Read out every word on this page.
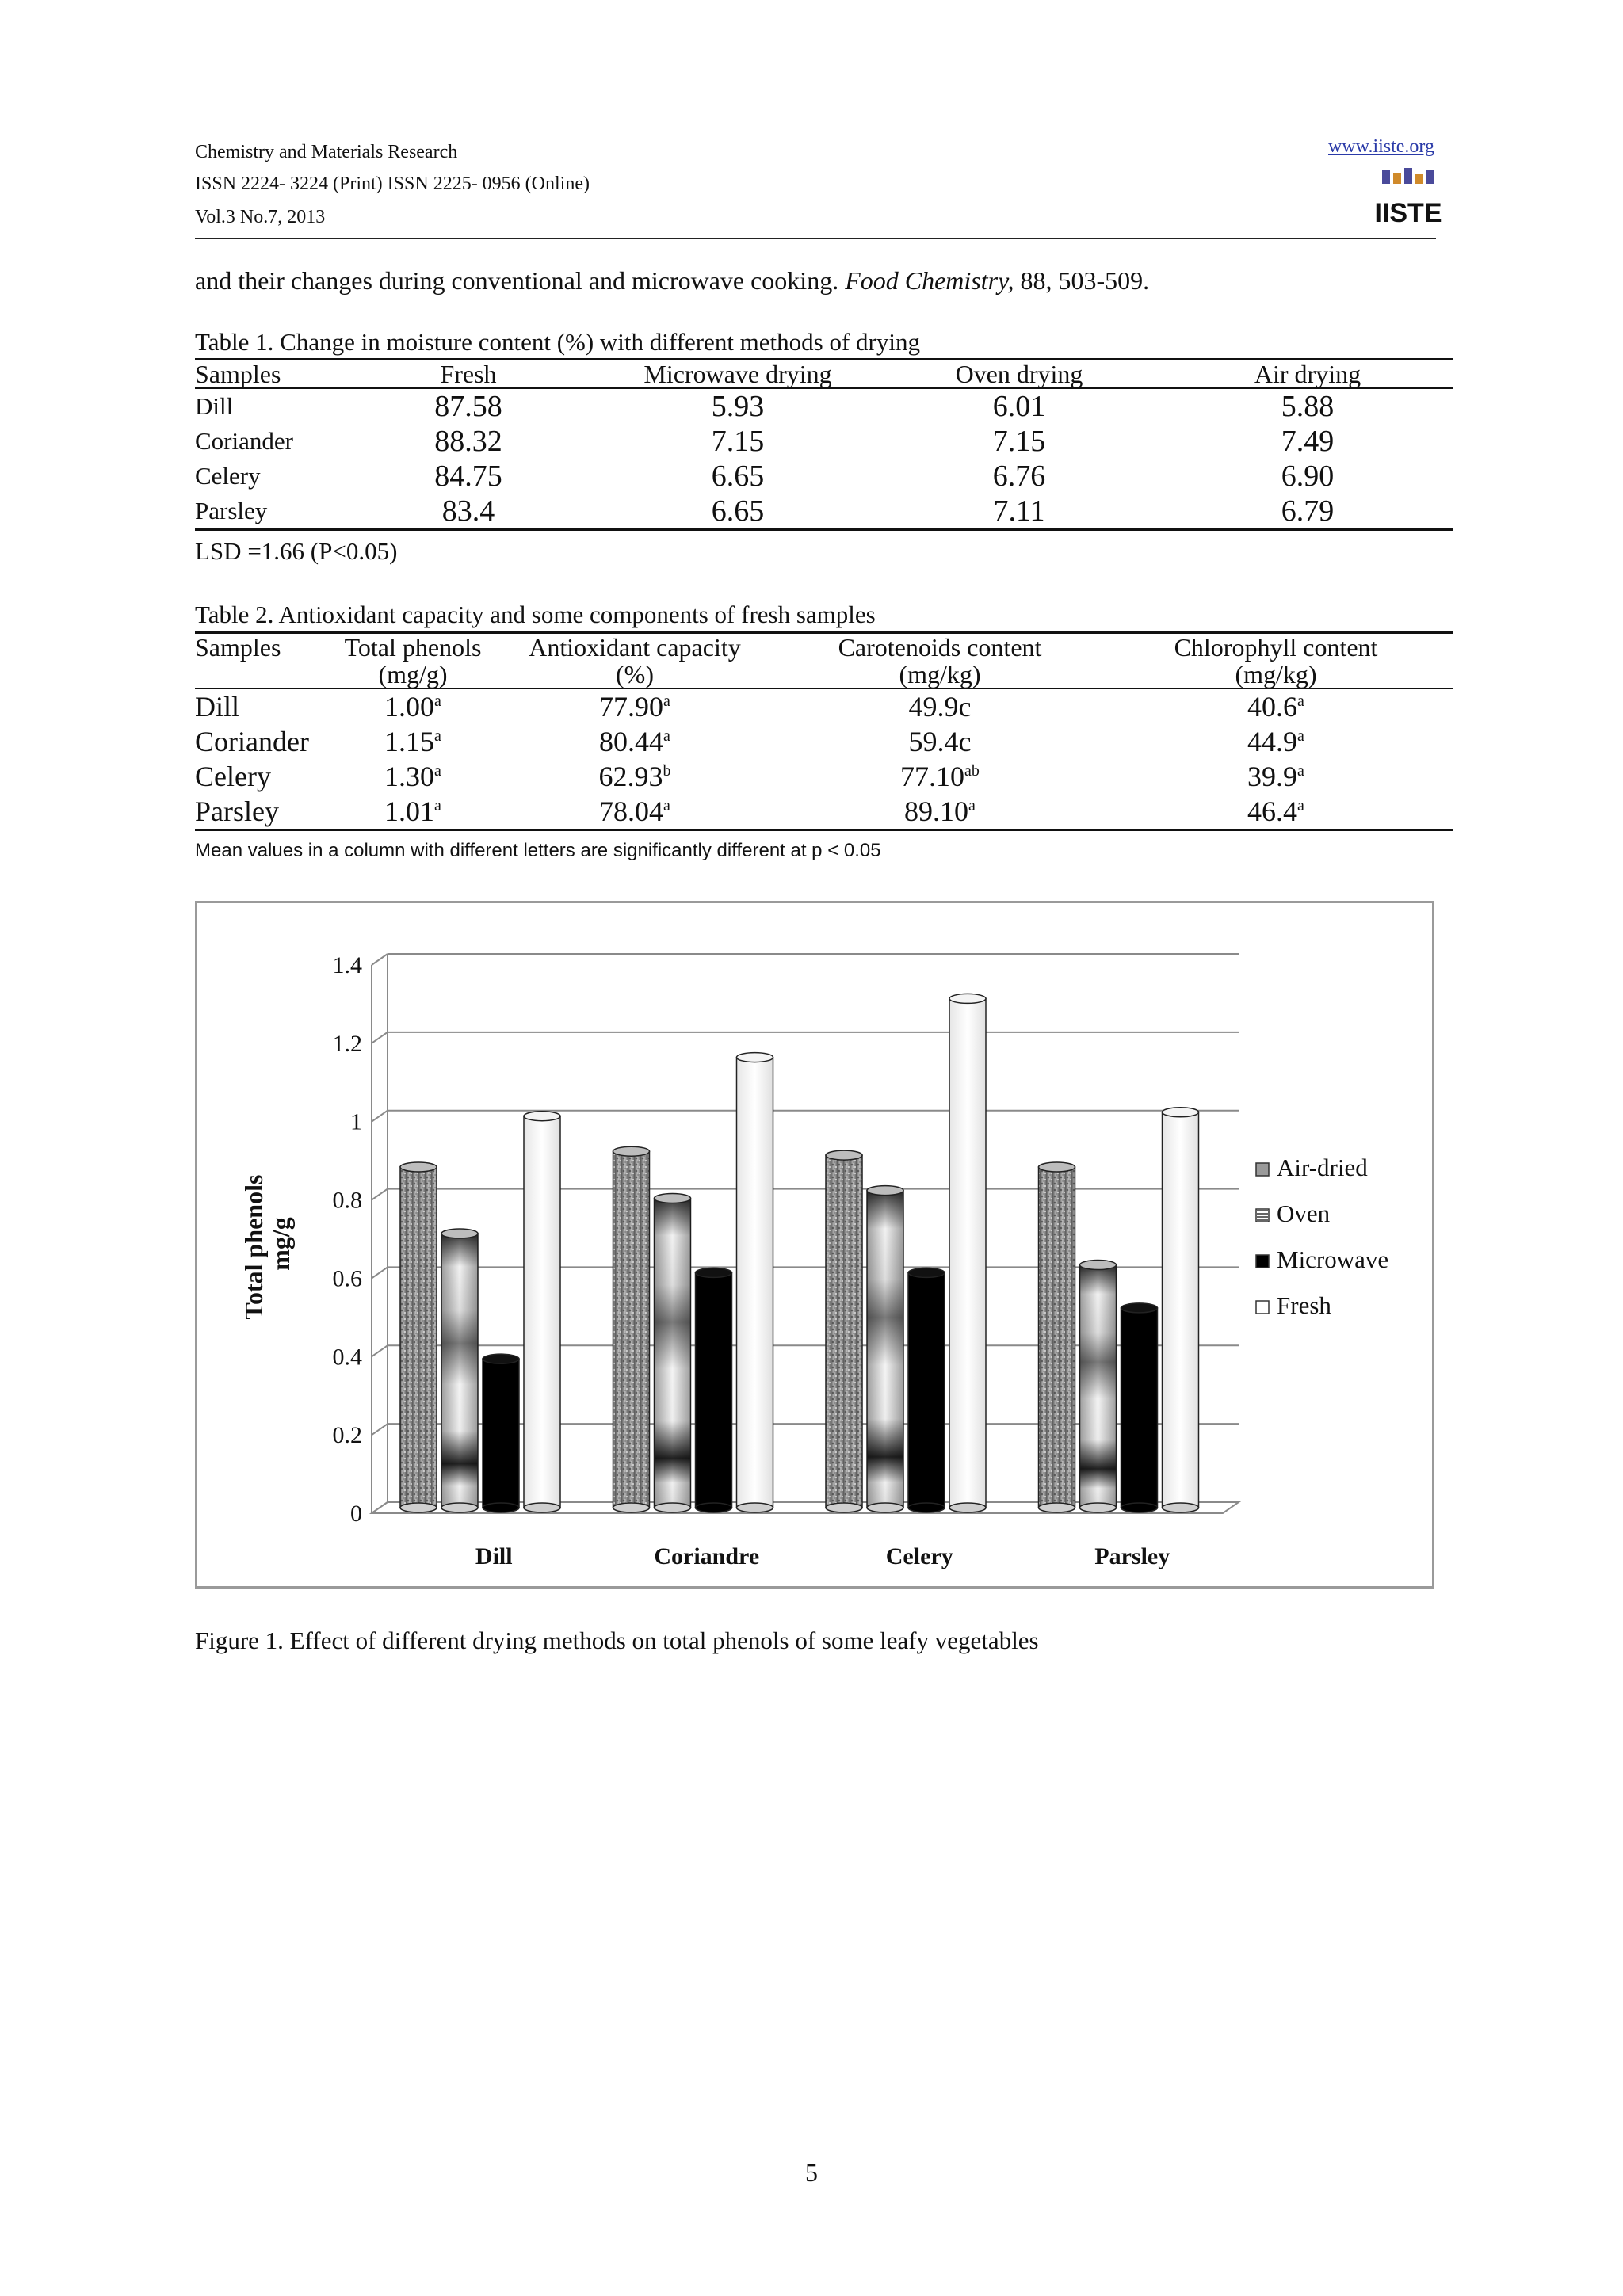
Chemistry and Materials Research
ISSN 2224- 3224 (Print) ISSN 2225- 0956 (Online)
Vol.3 No.7, 2013
www.iiste.org
IISTE
and their changes during conventional and microwave cooking. Food Chemistry, 88, 503-509.
Table 1. Change in moisture content (%) with different methods of drying
Samples	Fresh	Microwave drying	Oven drying	Air drying
Dill	87.58	5.93	6.01	5.88
Coriander	88.32	7.15	7.15	7.49
Celery	84.75	6.65	6.76	6.90
Parsley	83.4	6.65	7.11	6.79
LSD =1.66 (P<0.05)
Table 2. Antioxidant capacity and some components of fresh samples
Samples	Total phenols	Antioxidant capacity	Carotenoids content	Chlorophyll content
	(mg/g)	(%)	(mg/kg)	(mg/kg)
Dill	1.00$^a$	77.90$^a$	49.9c	40.6$^a$
Coriander	1.15$^a$	80.44$^a$	59.4c	44.9$^a$
Celery	1.30$^a$	62.93$^b$	77.10$^{ab}$	39.9$^a$
Parsley	1.01$^a$	78.04$^a$	89.10$^a$	46.4$^a$
Mean values in a column with different letters are significantly different at p < 0.05
0
0.2
0.4
0.6
0.8
1
1.2
1.4
Dill	Coriandre	Celery	Parsley
Total phenols mg/g
Air-dried
Oven
Microwave
Fresh
Figure 1. Effect of different drying methods on total phenols of some leafy vegetables
5
